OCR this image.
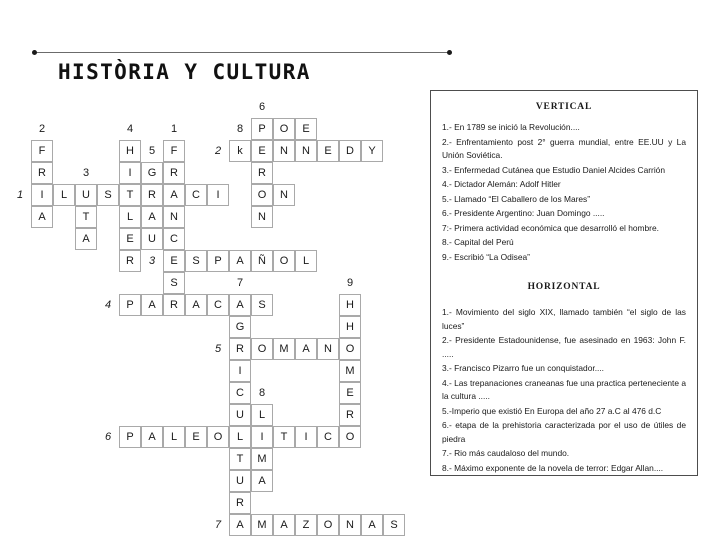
HISTÒRIA Y CULTURA
P	O	E
F	H	F	k	E	N	N	E	D	Y
R	I	G	R	R
I	L	U	S	T	R	A	C	I	O	N
A	T	L	A	N	N
A	E	U	C
R	E	S	P	A	Ñ	O	L
S
P	A	R	A	C	A	S	H
G	H
R	O	M	A	N	O
I	M
C	E
U	L	R
P	A	L	E	O	L	I	T	I	C	O
T	M
U	A
R
A	M	A	Z	O	N	A	S
6
2	4	1	8
5	2
3
1
3
7
4
9
5
8
6
7
VERTICAL
1.- En 1789 se inició la Revolución....
2.- Enfrentamiento post 2° guerra mundial, entre EE.UU y La Unión Soviética.
3.- Enfermedad Cutánea que Estudio Daniel Alcides Carrión
4.- Dictador Alemán: Adolf Hitler
5.- Llamado “El Caballero de los Mares”
6.- Presidente Argentino: Juan Domingo .....
7:- Primera actividad económica que desarrolló el hombre.
8.- Capital del Perú
9.- Escribió “La Odisea”
HORIZONTAL
1.- Movimiento del siglo XIX, llamado también “el siglo de las luces”
2.- Presidente Estadounidense, fue asesinado en 1963: John F. .....
3.- Francisco Pizarro fue un conquistador....
4.- Las trepanaciones craneanas fue una practica perteneciente a la cultura .....
5.-Imperio que existió En Europa del año 27 a.C al 476 d.C
6.- etapa de la prehistoria caracterizada por el uso de útiles de piedra
7.- Rio más caudaloso del mundo.
8.- Máximo exponente de la novela de terror: Edgar Allan....
